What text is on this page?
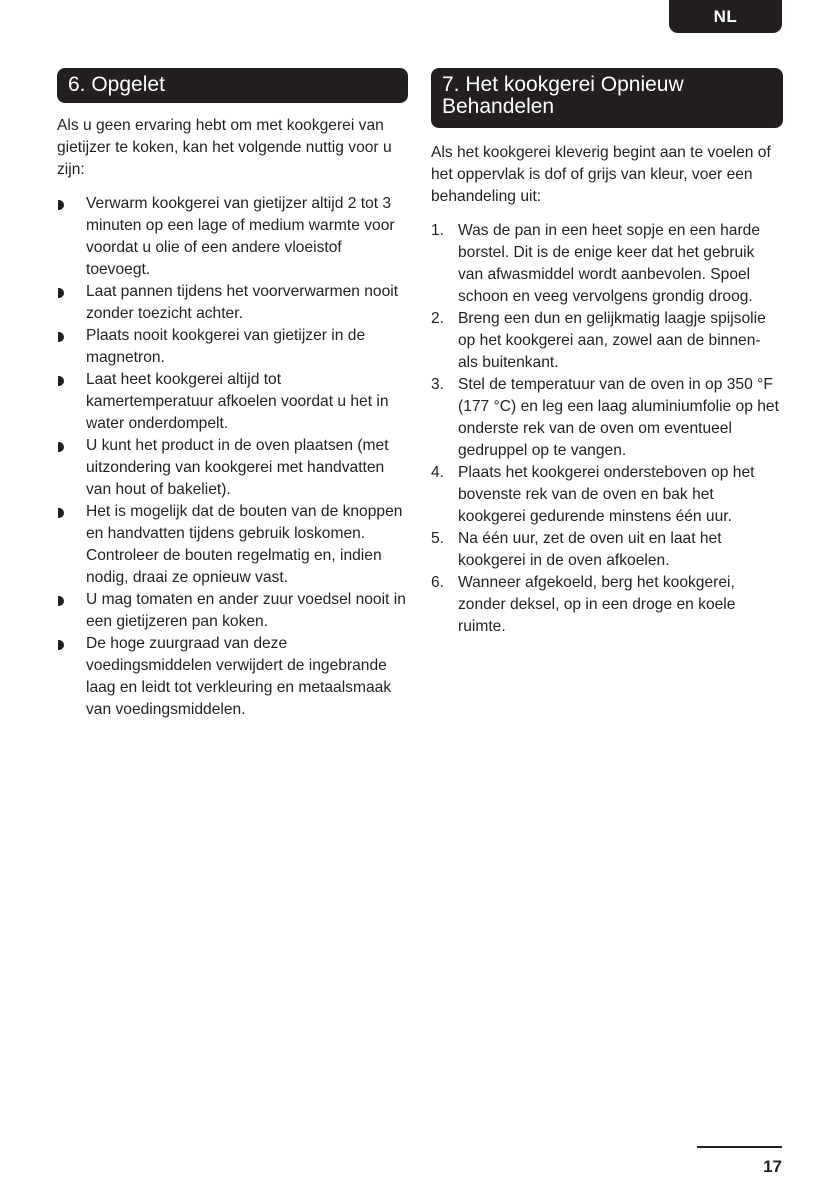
NL
6. Opgelet

Als u geen ervaring hebt om met kookgerei van gietijzer te koken, kan het volgende nuttig voor u zijn:

Verwarm kookgerei van gietijzer altijd 2 tot 3 minuten op een lage of medium warmte voor voordat u olie of een andere vloeistof toevoegt.
Laat pannen tijdens het voorverwarmen nooit zonder toezicht achter.
Plaats nooit kookgerei van gietijzer in de magnetron.
Laat heet kookgerei altijd tot kamertemperatuur afkoelen voordat u het in water onderdompelt.
U kunt het product in de oven plaatsen (met uitzondering van kookgerei met handvatten van hout of bakeliet).
Het is mogelijk dat de bouten van de knoppen en handvatten tijdens gebruik loskomen. Controleer de bouten regelmatig en, indien nodig, draai ze opnieuw vast.
U mag tomaten en ander zuur voedsel nooit in een gietijzeren pan koken.
De hoge zuurgraad van deze voedingsmiddelen verwijdert de ingebrande laag en leidt tot verkleuring en metaalsmaak van voedingsmiddelen.
7. Het kookgerei Opnieuw Behandelen

Als het kookgerei kleverig begint aan te voelen of het oppervlak is dof of grijs van kleur, voer een behandeling uit:

1. Was de pan in een heet sopje en een harde borstel. Dit is de enige keer dat het gebruik van afwasmiddel wordt aanbevolen. Spoel schoon en veeg vervolgens grondig droog.
2. Breng een dun en gelijkmatig laagje spijsolie op het kookgerei aan, zowel aan de binnen- als buitenkant.
3. Stel de temperatuur van de oven in op 350 °F (177 °C) en leg een laag aluminiumfolie op het onderste rek van de oven om eventueel gedruppel op te vangen.
4. Plaats het kookgerei ondersteboven op het bovenste rek van de oven en bak het kookgerei gedurende minstens één uur.
5. Na één uur, zet de oven uit en laat het kookgerei in de oven afkoelen.
6. Wanneer afgekoeld, berg het kookgerei, zonder deksel, op in een droge en koele ruimte.
17
